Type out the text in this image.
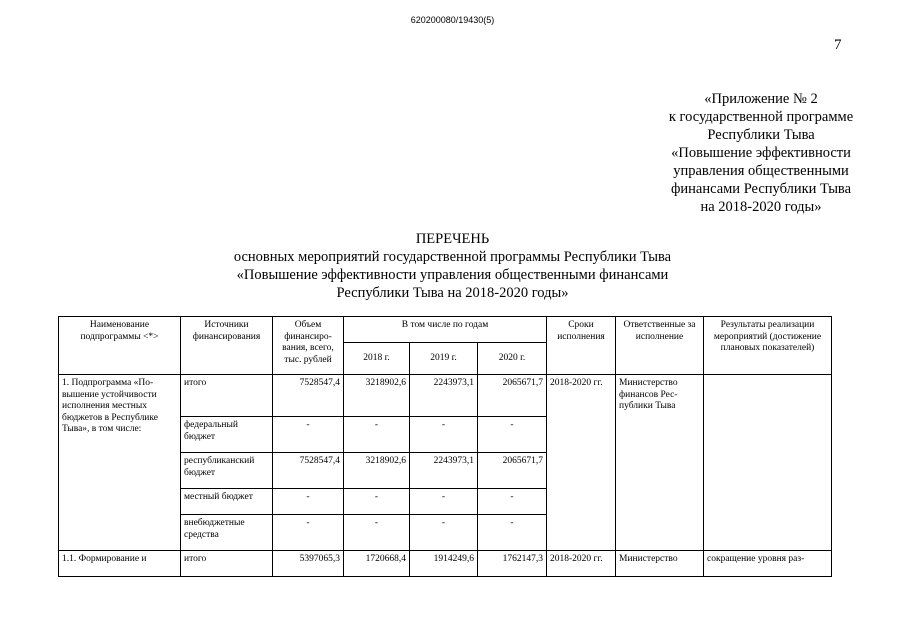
620200080/19430(5)
7
«Приложение № 2
к государственной программе
Республики Тыва
«Повышение эффективности
управления общественными
финансами Республики Тыва
на 2018-2020 годы»
ПЕРЕЧЕНЬ
основных мероприятий государственной программы Республики Тыва
«Повышение эффективности управления общественными финансами
Республики Тыва на 2018-2020 годы»
Наименование подпрограммы <*>	Источники финансирования	Объем финансиро-вания, всего, тыс. рублей	В том числе по годам			Сроки исполнения	Ответственные за исполнение	Результаты реализации мероприятий (достижение плановых показателей)
			2018 г.	2019 г.	2020 г.			
1. Подпрограмма «По-вышение устойчивости исполнения местных бюджетов в Республике Тыва», в том числе:	итого	7528547,4	3218902,6	2243973,1	2065671,7	2018-2020 гг.	Министерство финансов Рес-публики Тыва	
	федеральный бюджет	-	-	-	-			
	республиканский бюджет	7528547,4	3218902,6	2243973,1	2065671,7			
	местный бюджет	-	-	-	-			
	внебюджетные средства	-	-	-	-			
1.1. Формирование и	итого	5397065,3	1720668,4	1914249,6	1762147,3	2018-2020 гг.	Министерство	сокращение уровня раз-
